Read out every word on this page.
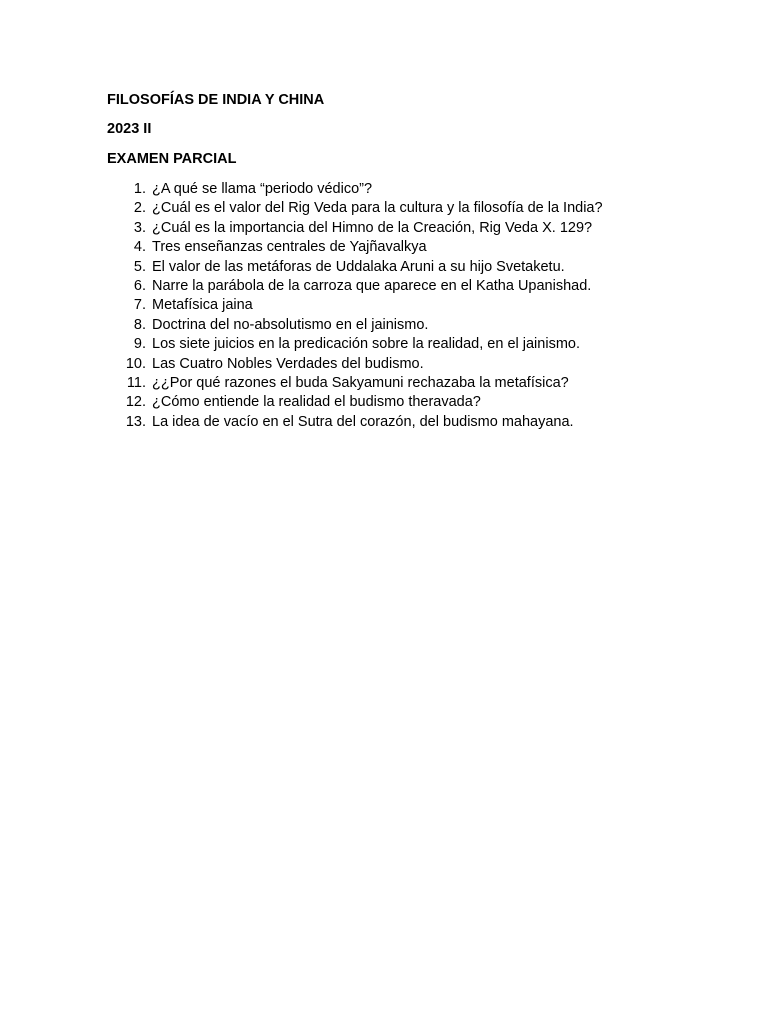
FILOSOFÍAS DE INDIA Y CHINA
2023 II
EXAMEN PARCIAL
1. ¿A qué se llama “periodo védico”?
2. ¿Cuál es el valor del Rig Veda para la cultura y la filosofía de la India?
3. ¿Cuál es la importancia del Himno de la Creación, Rig Veda X. 129?
4. Tres enseñanzas centrales de Yajñavalkya
5. El valor de las metáforas de Uddalaka Aruni a su hijo Svetaketu.
6. Narre la parábola de la carroza que aparece en el Katha Upanishad.
7. Metafísica jaina
8. Doctrina del no-absolutismo en el jainismo.
9. Los siete juicios en la predicación sobre la realidad, en el jainismo.
10. Las Cuatro Nobles Verdades del budismo.
11. ¿¿Por qué razones el buda Sakyamuni rechazaba la metafísica?
12. ¿Cómo entiende la realidad el budismo theravada?
13. La idea de vacío en el Sutra del corazón, del budismo mahayana.
